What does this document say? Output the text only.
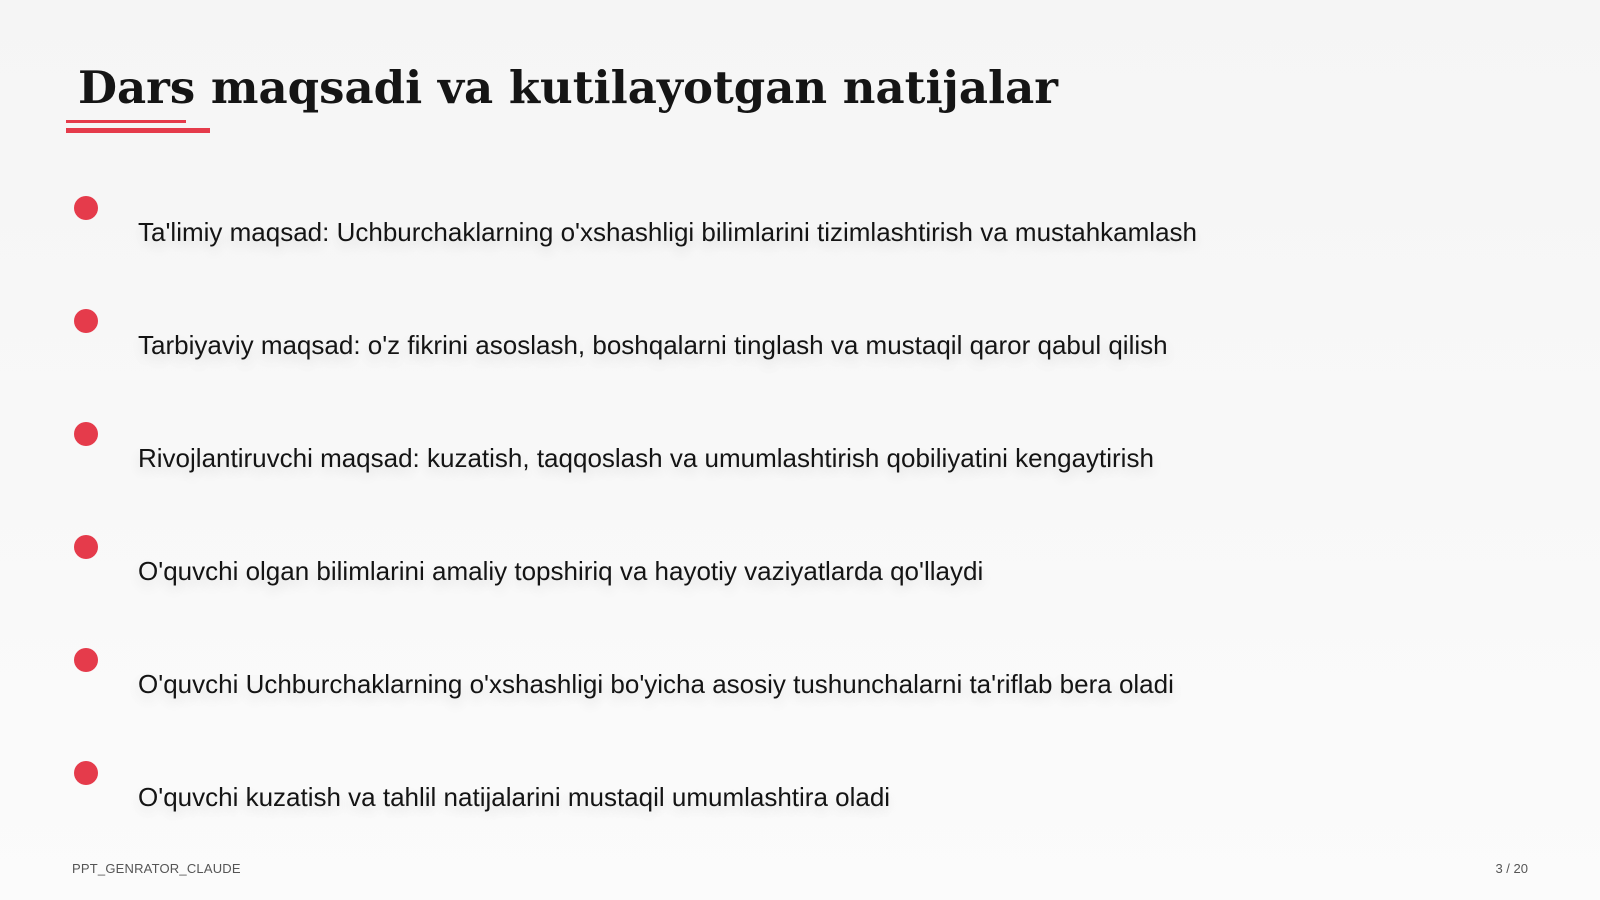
Dars maqsadi va kutilayotgan natijalar
Ta'limiy maqsad: Uchburchaklarning o'xshashligi bilimlarini tizimlashtirish va mustahkamlash
Tarbiyaviy maqsad: o'z fikrini asoslash, boshqalarni tinglash va mustaqil qaror qabul qilish
Rivojlantiruvchi maqsad: kuzatish, taqqoslash va umumlashtirish qobiliyatini kengaytirish
O'quvchi olgan bilimlarini amaliy topshiriq va hayotiy vaziyatlarda qo'llaydi
O'quvchi Uchburchaklarning o'xshashligi bo'yicha asosiy tushunchalarni ta'riflab bera oladi
O'quvchi kuzatish va tahlil natijalarini mustaqil umumlashtira oladi
PPT_GENRATOR_CLAUDE	3 / 20
